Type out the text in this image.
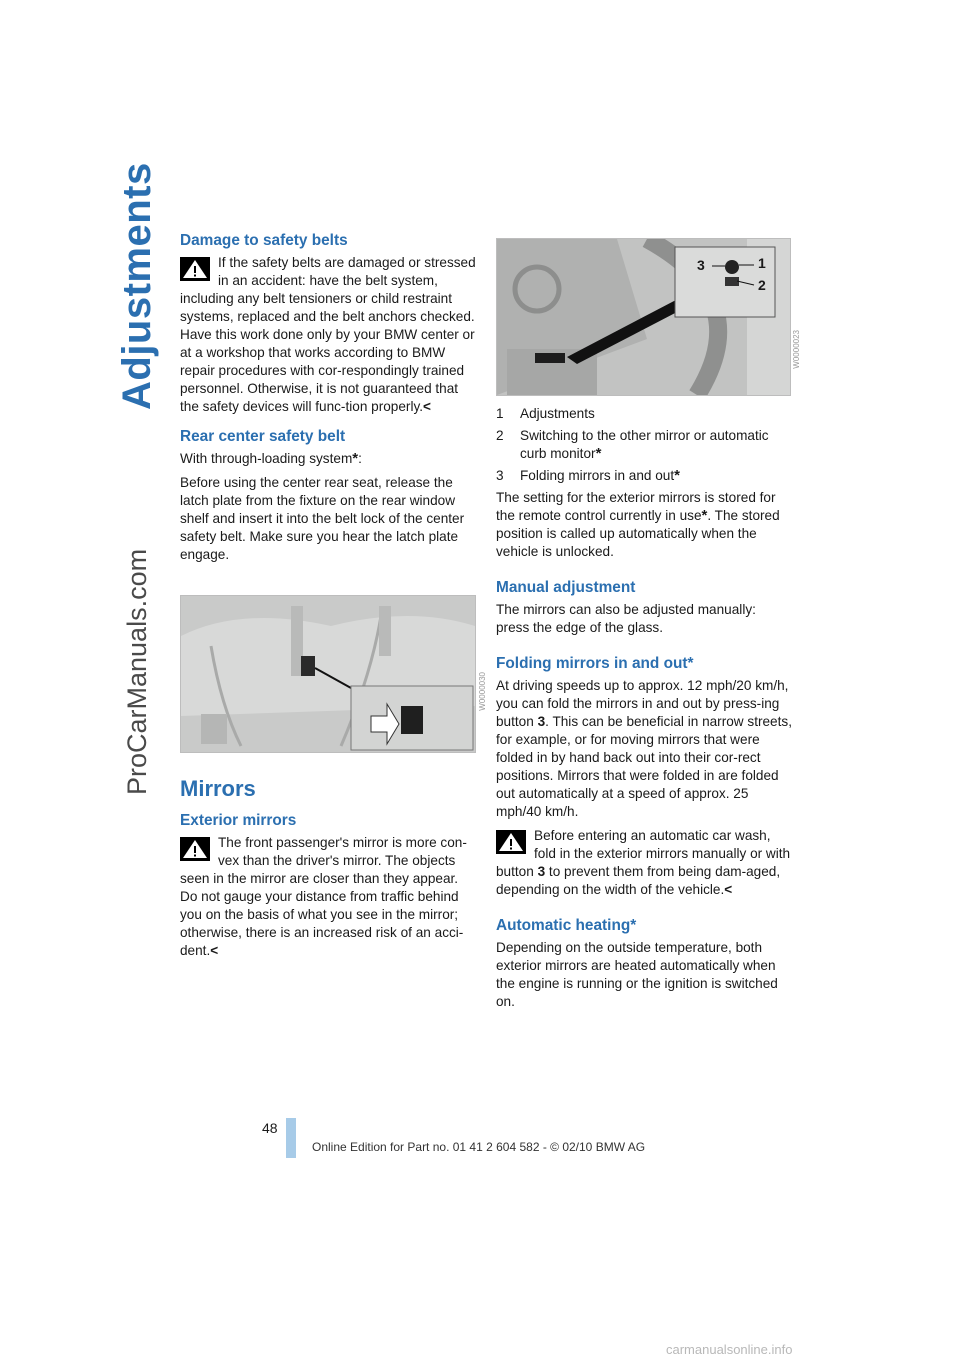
Adjustments
ProCarManuals.com
Damage to safety belts

If the safety belts are damaged or stressed in an accident: have the belt system, including any belt tensioners or child restraint systems, replaced and the belt anchors checked. Have this work done only by your BMW center or at a workshop that works according to BMW repair procedures with cor-respondingly trained personnel. Otherwise, it is not guaranteed that the safety devices will func-tion properly.<

Rear center safety belt

With through-loading system*:

Before using the center rear seat, release the latch plate from the fixture on the rear window shelf and insert it into the belt lock of the center safety belt. Make sure you hear the latch plate engage.

W0000030
Mirrors
Exterior mirrors

The front passenger's mirror is more con-vex than the driver's mirror. The objects seen in the mirror are closer than they appear. Do not gauge your distance from traffic behind you on the basis of what you see in the mirror; otherwise, there is an increased risk of an acci-dent.<

3	1
2
W0000023
1	Adjustments
2	Switching to the other mirror or automatic curb monitor*
3	Folding mirrors in and out*

The setting for the exterior mirrors is stored for the remote control currently in use*. The stored position is called up automatically when the vehicle is unlocked.

Manual adjustment

The mirrors can also be adjusted manually: press the edge of the glass.

Folding mirrors in and out*

At driving speeds up to approx. 12 mph/20 km/h, you can fold the mirrors in and out by press-ing button 3. This can be beneficial in narrow streets, for example, or for moving mirrors that were folded in by hand back out into their cor-rect positions. Mirrors that were folded in are folded out automatically at a speed of approx. 25 mph/40 km/h.

Before entering an automatic car wash, fold in the exterior mirrors manually or with button 3 to prevent them from being dam-aged, depending on the width of the vehicle.<

Automatic heating*

Depending on the outside temperature, both exterior mirrors are heated automatically when the engine is running or the ignition is switched on.

48
Online Edition for Part no. 01 41 2 604 582 - © 02/10 BMW AG
carmanualsonline.info
